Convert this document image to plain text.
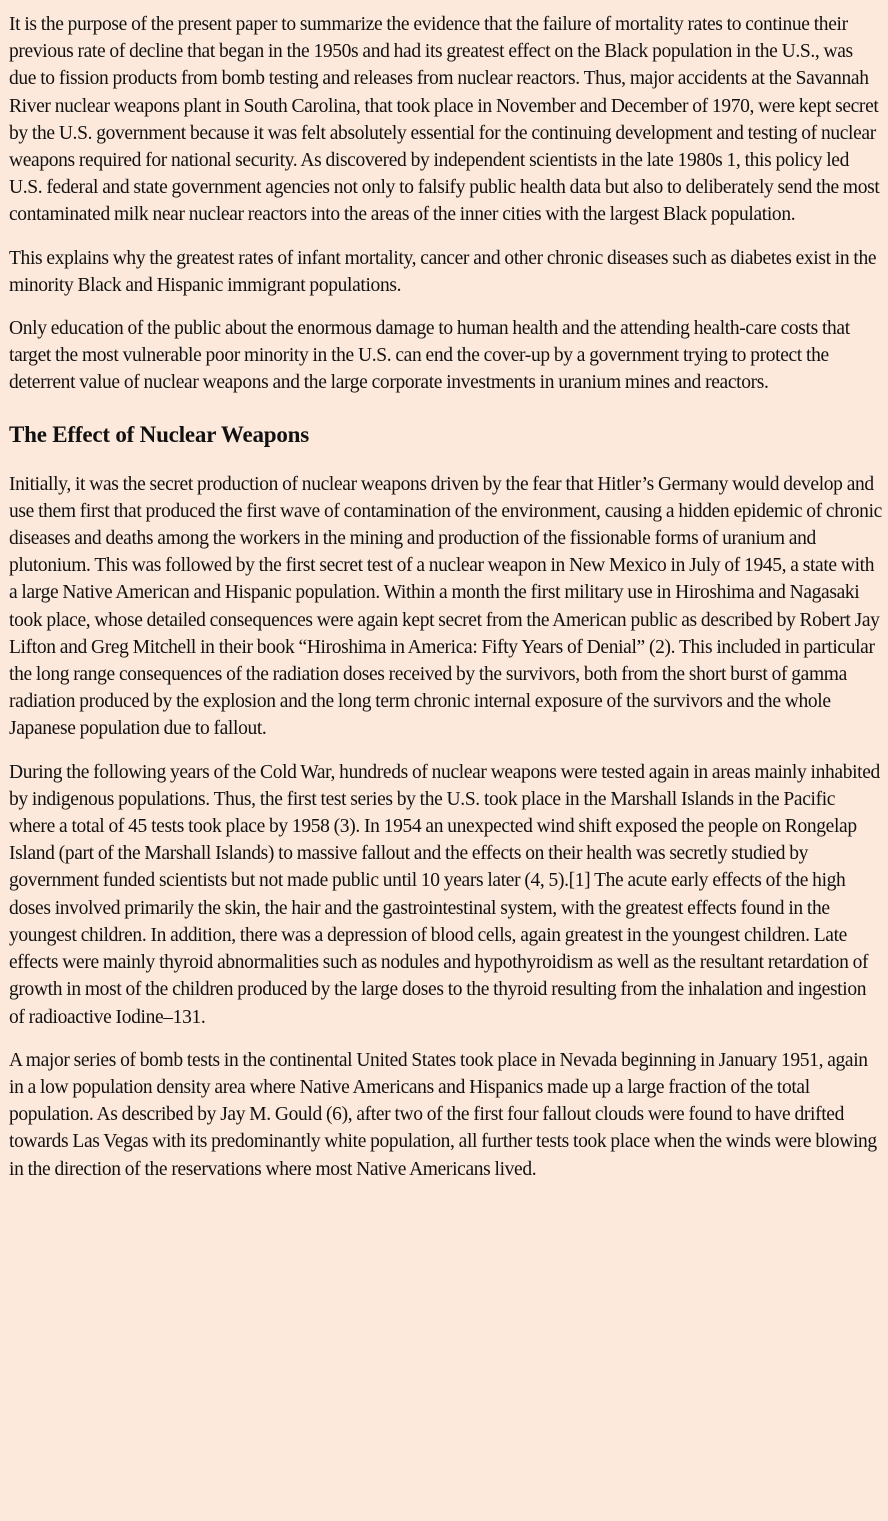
It is the purpose of the present paper to summarize the evidence that the failure of mortality rates to continue their previous rate of decline that began in the 1950s and had its greatest effect on the Black population in the U.S., was due to fission products from bomb testing and releases from nuclear reactors. Thus, major accidents at the Savannah River nuclear weapons plant in South Carolina, that took place in November and December of 1970, were kept secret by the U.S. government because it was felt absolutely essential for the continuing development and testing of nuclear weapons required for national security. As discovered by independent scientists in the late 1980s 1, this policy led U.S. federal and state government agencies not only to falsify public health data but also to deliberately send the most contaminated milk near nuclear reactors into the areas of the inner cities with the largest Black population.

This explains why the greatest rates of infant mortality, cancer and other chronic diseases such as diabetes exist in the minority Black and Hispanic immigrant populations.

Only education of the public about the enormous damage to human health and the attending health-care costs that target the most vulnerable poor minority in the U.S. can end the cover-up by a government trying to protect the deterrent value of nuclear weapons and the large corporate investments in uranium mines and reactors.

The Effect of Nuclear Weapons

Initially, it was the secret production of nuclear weapons driven by the fear that Hitler’s Germany would develop and use them first that produced the first wave of contamination of the environment, causing a hidden epidemic of chronic diseases and deaths among the workers in the mining and production of the fissionable forms of uranium and plutonium. This was followed by the first secret test of a nuclear weapon in New Mexico in July of 1945, a state with a large Native American and Hispanic population. Within a month the first military use in Hiroshima and Nagasaki took place, whose detailed consequences were again kept secret from the American public as described by Robert Jay Lifton and Greg Mitchell in their book “Hiroshima in America: Fifty Years of Denial” (2). This included in particular the long range consequences of the radiation doses received by the survivors, both from the short burst of gamma radiation produced by the explosion and the long term chronic internal exposure of the survivors and the whole Japanese population due to fallout.

During the following years of the Cold War, hundreds of nuclear weapons were tested again in areas mainly inhabited by indigenous populations. Thus, the first test series by the U.S. took place in the Marshall Islands in the Pacific where a total of 45 tests took place by 1958 (3). In 1954 an unexpected wind shift exposed the people on Rongelap Island (part of the Marshall Islands) to massive fallout and the effects on their health was secretly studied by government funded scientists but not made public until 10 years later (4, 5).[1] The acute early effects of the high doses involved primarily the skin, the hair and the gastrointestinal system, with the greatest effects found in the youngest children. In addition, there was a depression of blood cells, again greatest in the youngest children. Late effects were mainly thyroid abnormalities such as nodules and hypothyroidism as well as the resultant retardation of growth in most of the children produced by the large doses to the thyroid resulting from the inhalation and ingestion of radioactive Iodine–131.

A major series of bomb tests in the continental United States took place in Nevada beginning in January 1951, again in a low population density area where Native Americans and Hispanics made up a large fraction of the total population. As described by Jay M. Gould (6), after two of the first four fallout clouds were found to have drifted towards Las Vegas with its predominantly white population, all further tests took place when the winds were blowing in the direction of the reservations where most Native Americans lived.
